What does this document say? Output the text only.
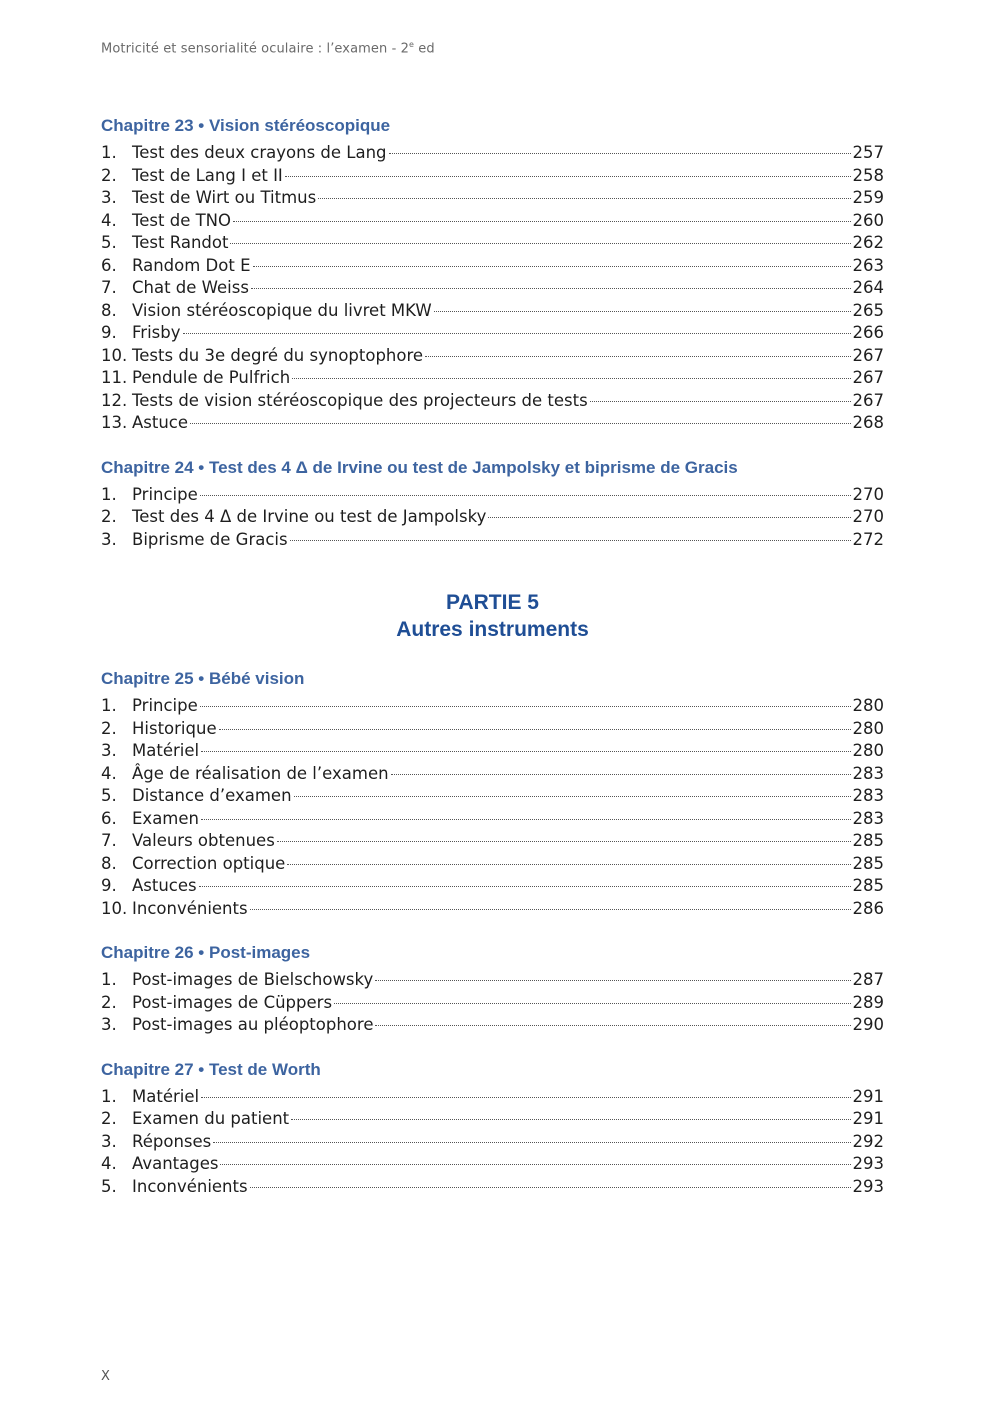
Motricité et sensorialité oculaire : l’examen - 2e ed
Chapitre 23 • Vision stéréoscopique
1. Test des deux crayons de Lang	257
2. Test de Lang I et II	258
3. Test de Wirt ou Titmus	259
4. Test de TNO	260
5. Test Randot	262
6. Random Dot E	263
7. Chat de Weiss	264
8. Vision stéréoscopique du livret MKW	265
9. Frisby	266
10. Tests du 3e degré du synoptophore	267
11. Pendule de Pulfrich	267
12. Tests de vision stéréoscopique des projecteurs de tests	267
13. Astuce	268
Chapitre 24 • Test des 4 Δ de Irvine ou test de Jampolsky et biprisme de Gracis
1. Principe	270
2. Test des 4 Δ de Irvine ou test de Jampolsky	270
3. Biprisme de Gracis	272
PARTIE 5
Autres instruments
Chapitre 25 • Bébé vision
1. Principe	280
2. Historique	280
3. Matériel	280
4. Âge de réalisation de l’examen	283
5. Distance d’examen	283
6. Examen	283
7. Valeurs obtenues	285
8. Correction optique	285
9. Astuces	285
10. Inconvénients	286
Chapitre 26 • Post-images
1. Post-images de Bielschowsky	287
2. Post-images de Cüppers	289
3. Post-images au pléoptophore	290
Chapitre 27 • Test de Worth
1. Matériel	291
2. Examen du patient	291
3. Réponses	292
4. Avantages	293
5. Inconvénients	293
X
